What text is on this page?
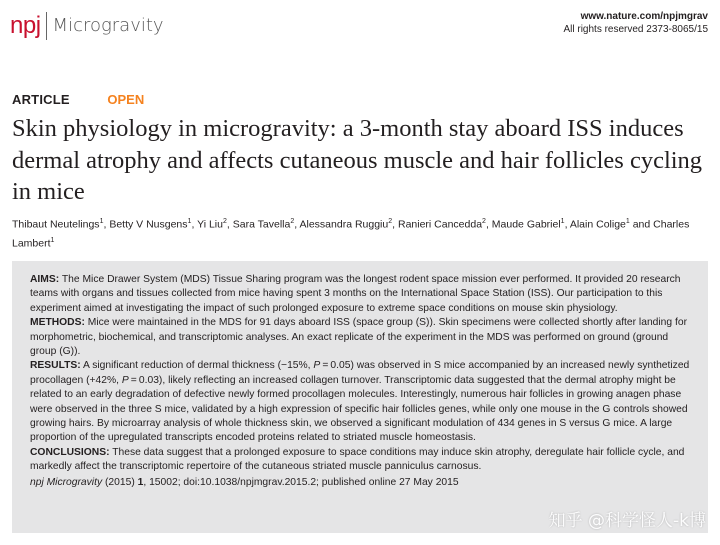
npj Microgravity	www.nature.com/npjmgrav
All rights reserved 2373-8065/15
ARTICLE	OPEN
Skin physiology in microgravity: a 3-month stay aboard ISS induces dermal atrophy and affects cutaneous muscle and hair follicles cycling in mice
Thibaut Neutelings$^1$, Betty V Nusgens$^1$, Yi Liu$^2$, Sara Tavella$^2$, Alessandra Ruggiu$^2$, Ranieri Cancedda$^2$, Maude Gabriel$^1$, Alain Colige$^1$ and Charles Lambert$^1$

AIMS: The Mice Drawer System (MDS) Tissue Sharing program was the longest rodent space mission ever performed. It provided 20 research teams with organs and tissues collected from mice having spent 3 months on the International Space Station (ISS). Our participation to this experiment aimed at investigating the impact of such prolonged exposure to extreme space conditions on mouse skin physiology.

METHODS: Mice were maintained in the MDS for 91 days aboard ISS (space group (S)). Skin specimens were collected shortly after landing for morphometric, biochemical, and transcriptomic analyses. An exact replicate of the experiment in the MDS was performed on ground (ground group (G)).

RESULTS: A significant reduction of dermal thickness (−15%, P = 0.05) was observed in S mice accompanied by an increased newly synthetized procollagen (+42%, P = 0.03), likely reflecting an increased collagen turnover. Transcriptomic data suggested that the dermal atrophy might be related to an early degradation of defective newly formed procollagen molecules. Interestingly, numerous hair follicles in growing anagen phase were observed in the three S mice, validated by a high expression of specific hair follicles genes, while only one mouse in the G controls showed growing hairs. By microarray analysis of whole thickness skin, we observed a significant modulation of 434 genes in S versus G mice. A large proportion of the upregulated transcripts encoded proteins related to striated muscle homeostasis.

CONCLUSIONS: These data suggest that a prolonged exposure to space conditions may induce skin atrophy, deregulate hair follicle cycle, and markedly affect the transcriptomic repertoire of the cutaneous striated muscle panniculus carnosus.

npj Microgravity (2015) 1, 15002; doi:10.1038/npjmgrav.2015.2; published online 27 May 2015

知乎 @科学怪人-k博
